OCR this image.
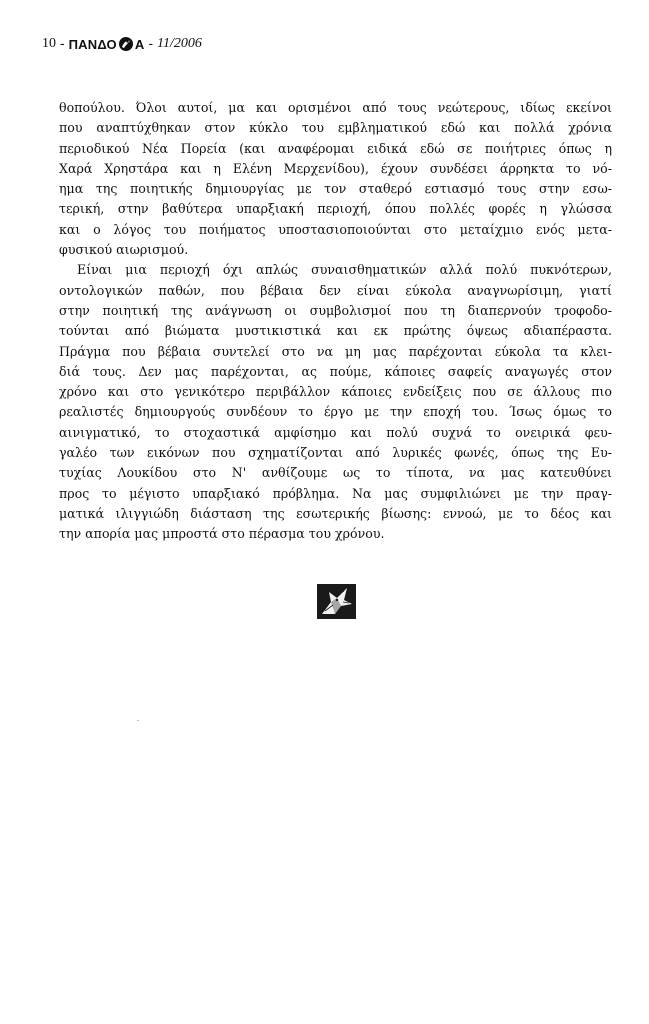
10 - ΠΑΝΔΟ Α - 11/2006
θοπούλου. Όλοι αυτοί, μα και ορισμένοι από τους νεώτερους, ιδίως εκείνοι
που αναπτύχθηκαν στον κύκλο του εμβληματικού εδώ και πολλά χρόνια
περιοδικού Νέα Πορεία (και αναφέρομαι ειδικά εδώ σε ποιήτριες όπως η
Χαρά Χρηστάρα και η Ελένη Μερχενίδου), έχουν συνδέσει άρρηκτα το νό-
ημα της ποιητικής δημιουργίας με τον σταθερό εστιασμό τους στην εσω-
τερική, στην βαθύτερα υπαρξιακή περιοχή, όπου πολλές φορές η γλώσσα
και ο λόγος του ποιήματος υποστασιοποιούνται στο μεταίχμιο ενός μετα-
φυσικού αιωρισμού.
Είναι μια περιοχή όχι απλώς συναισθηματικών αλλά πολύ πυκνότερων,
οντολογικών παθών, που βέβαια δεν είναι εύκολα αναγνωρίσιμη, γιατί
στην ποιητική της ανάγνωση οι συμβολισμοί που τη διαπερνούν τροφοδο-
τούνται από βιώματα μυστικιστικά και εκ πρώτης όψεως αδιαπέραστα.
Πράγμα που βέβαια συντελεί στο να μη μας παρέχονται εύκολα τα κλει-
διά τους. Δεν μας παρέχονται, ας πούμε, κάποιες σαφείς αναγωγές στον
χρόνο και στο γενικότερο περιβάλλον κάποιες ενδείξεις που σε άλλους πιο
ρεαλιστές δημιουργούς συνδέουν το έργο με την εποχή του. Ίσως όμως το
αινιγματικό, το στοχαστικά αμφίσημο και πολύ συχνά το ονειρικά φευ-
γαλέο των εικόνων που σχηματίζονται από λυρικές φωνές, όπως της Ευ-
τυχίας Λουκίδου στο Ν' ανθίζουμε ως το τίποτα, να μας κατευθύνει
προς το μέγιστο υπαρξιακό πρόβλημα. Να μας συμφιλιώνει με την πραγ-
ματικά ιλιγγιώδη διάσταση της εσωτερικής βίωσης: εννοώ, με το δέος και
την απορία μας μπροστά στο πέρασμα του χρόνου.
